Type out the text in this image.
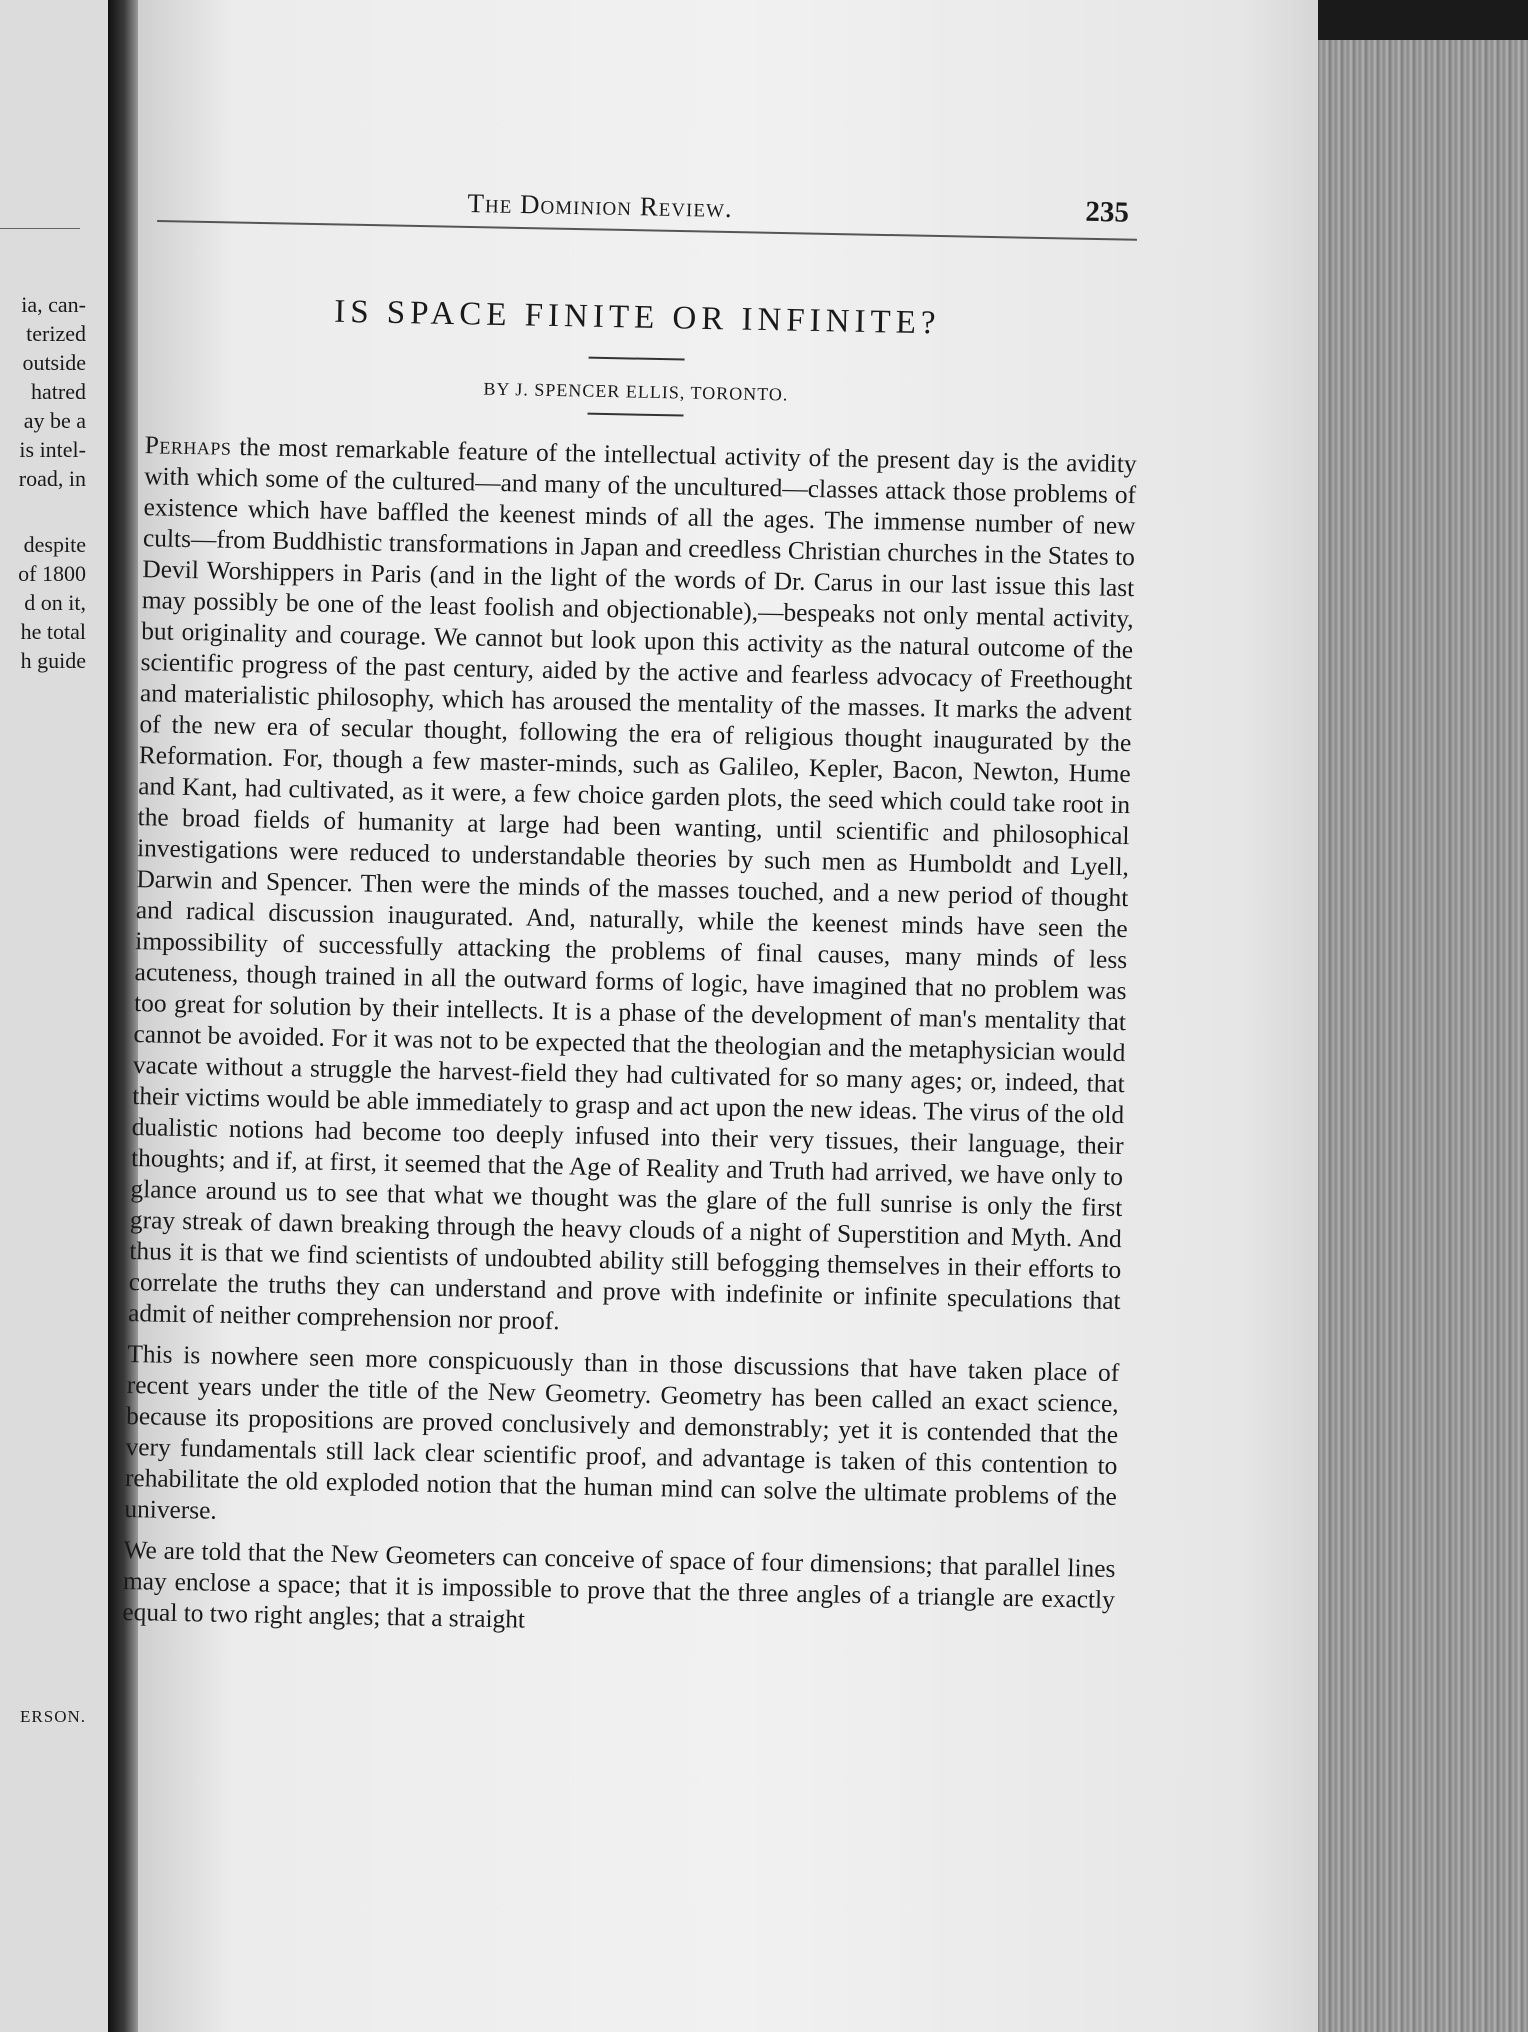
ia, can-
terized
outside
hatred
ay be a
is intel-
road, in
despite
of 1800
d on it,
he total
h guide
ERSON.
The Dominion Review.	235
IS SPACE FINITE OR INFINITE?
BY J. SPENCER ELLIS, TORONTO.

Perhaps the most remarkable feature of the intellectual activity of the present day is the avidity with which some of the cultured—and many of the uncultured—classes attack those problems of existence which have baffled the keenest minds of all the ages. The immense number of new cults—from Buddhistic transformations in Japan and creedless Christian churches in the States to Devil Worshippers in Paris (and in the light of the words of Dr. Carus in our last issue this last may possibly be one of the least foolish and objectionable),—bespeaks not only mental activity, but originality and courage. We cannot but look upon this activity as the natural outcome of the scientific progress of the past century, aided by the active and fearless advocacy of Freethought and materialistic philosophy, which has aroused the mentality of the masses. It marks the advent of the new era of secular thought, following the era of religious thought inaugurated by the Reformation. For, though a few master-minds, such as Galileo, Kepler, Bacon, Newton, Hume and Kant, had cultivated, as it were, a few choice garden plots, the seed which could take root in the broad fields of humanity at large had been wanting, until scientific and philosophical investigations were reduced to understandable theories by such men as Humboldt and Lyell, Darwin and Spencer. Then were the minds of the masses touched, and a new period of thought and radical discussion inaugurated. And, naturally, while the keenest minds have seen the impossibility of successfully attacking the problems of final causes, many minds of less acuteness, though trained in all the outward forms of logic, have imagined that no problem was too great for solution by their intellects. It is a phase of the development of man's mentality that cannot be avoided. For it was not to be expected that the theologian and the metaphysician would vacate without a struggle the harvest-field they had cultivated for so many ages; or, indeed, that their victims would be able immediately to grasp and act upon the new ideas. The virus of the old dualistic notions had become too deeply infused into their very tissues, their language, their thoughts; and if, at first, it seemed that the Age of Reality and Truth had arrived, we have only to glance around us to see that what we thought was the glare of the full sunrise is only the first gray streak of dawn breaking through the heavy clouds of a night of Superstition and Myth. And thus it is that we find scientists of undoubted ability still befogging themselves in their efforts to correlate the truths they can understand and prove with indefinite or infinite speculations that admit of neither comprehension nor proof.

This is nowhere seen more conspicuously than in those discussions that have taken place of recent years under the title of the New Geometry. Geometry has been called an exact science, because its propositions are proved conclusively and demonstrably; yet it is contended that the very fundamentals still lack clear scientific proof, and advantage is taken of this contention to rehabilitate the old exploded notion that the human mind can solve the ultimate problems of the universe.

We are told that the New Geometers can conceive of space of four dimensions; that parallel lines may enclose a space; that it is impossible to prove that the three angles of a triangle are exactly equal to two right angles; that a straight
